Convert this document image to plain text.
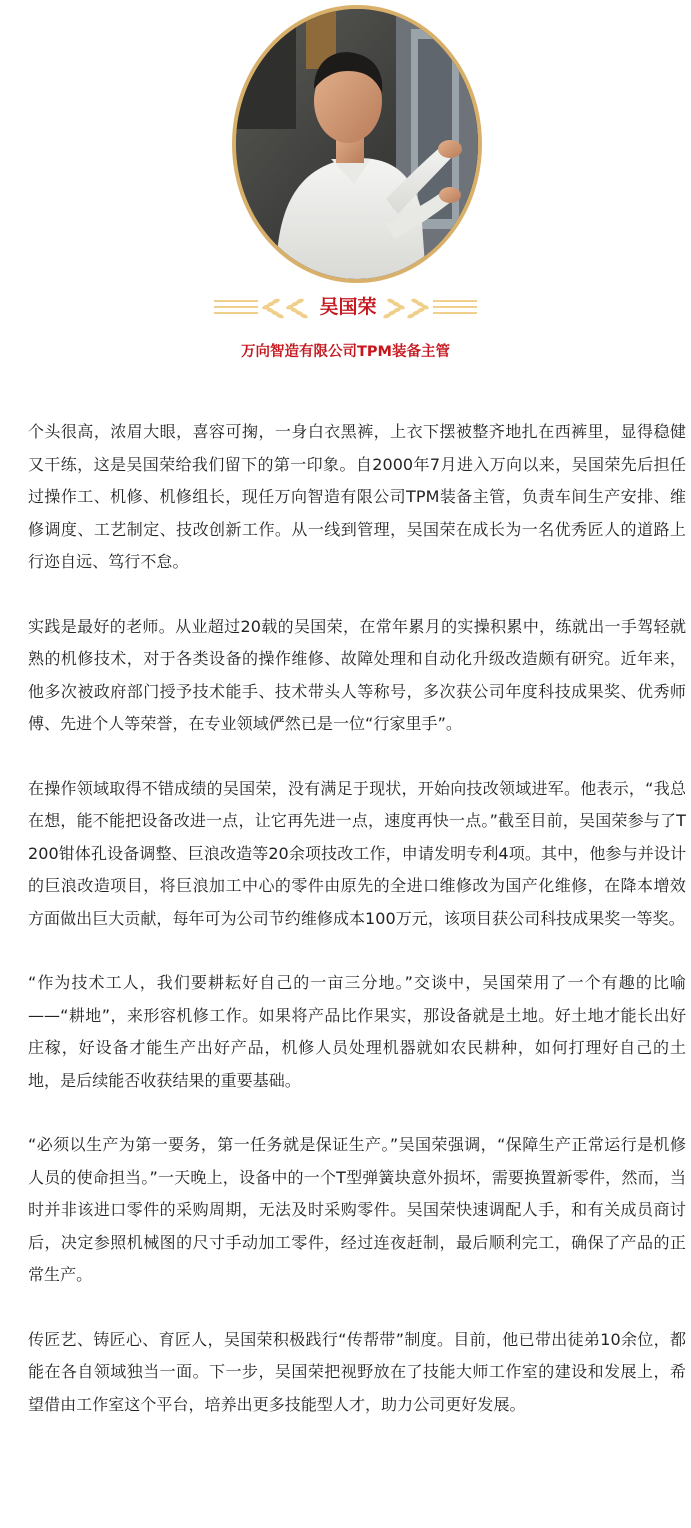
吴国荣
万向智造有限公司TPM装备主管

个头很高，浓眉大眼，喜容可掬，一身白衣黑裤，上衣下摆被整齐地扎在西裤里，显得稳健又干练，这是吴国荣给我们留下的第一印象。自2000年7月进入万向以来，吴国荣先后担任过操作工、机修、机修组长，现任万向智造有限公司TPM装备主管，负责车间生产安排、维修调度、工艺制定、技改创新工作。从一线到管理，吴国荣在成长为一名优秀匠人的道路上行迩自远、笃行不怠。

实践是最好的老师。从业超过20载的吴国荣，在常年累月的实操积累中，练就出一手驾轻就熟的机修技术，对于各类设备的操作维修、故障处理和自动化升级改造颇有研究。近年来，他多次被政府部门授予技术能手、技术带头人等称号，多次获公司年度科技成果奖、优秀师傅、先进个人等荣誉，在专业领域俨然已是一位“行家里手”。

在操作领域取得不错成绩的吴国荣，没有满足于现状，开始向技改领域进军。他表示，“我总在想，能不能把设备改进一点，让它再先进一点，速度再快一点。”截至目前，吴国荣参与了T200钳体孔设备调整、巨浪改造等20余项技改工作，申请发明专利4项。其中，他参与并设计的巨浪改造项目，将巨浪加工中心的零件由原先的全进口维修改为国产化维修，在降本增效方面做出巨大贡献，每年可为公司节约维修成本100万元，该项目获公司科技成果奖一等奖。

“作为技术工人，我们要耕耘好自己的一亩三分地。”交谈中，吴国荣用了一个有趣的比喻——“耕地”，来形容机修工作。如果将产品比作果实，那设备就是土地。好土地才能长出好庄稼，好设备才能生产出好产品，机修人员处理机器就如农民耕种，如何打理好自己的土地，是后续能否收获结果的重要基础。

“必须以生产为第一要务，第一任务就是保证生产。”吴国荣强调，“保障生产正常运行是机修人员的使命担当。”一天晚上，设备中的一个T型弹簧块意外损坏，需要换置新零件，然而，当时并非该进口零件的采购周期，无法及时采购零件。吴国荣快速调配人手，和有关成员商讨后，决定参照机械图的尺寸手动加工零件，经过连夜赶制，最后顺利完工，确保了产品的正常生产。

传匠艺、铸匠心、育匠人，吴国荣积极践行“传帮带”制度。目前，他已带出徒弟10余位，都能在各自领域独当一面。下一步，吴国荣把视野放在了技能大师工作室的建设和发展上，希望借由工作室这个平台，培养出更多技能型人才，助力公司更好发展。
